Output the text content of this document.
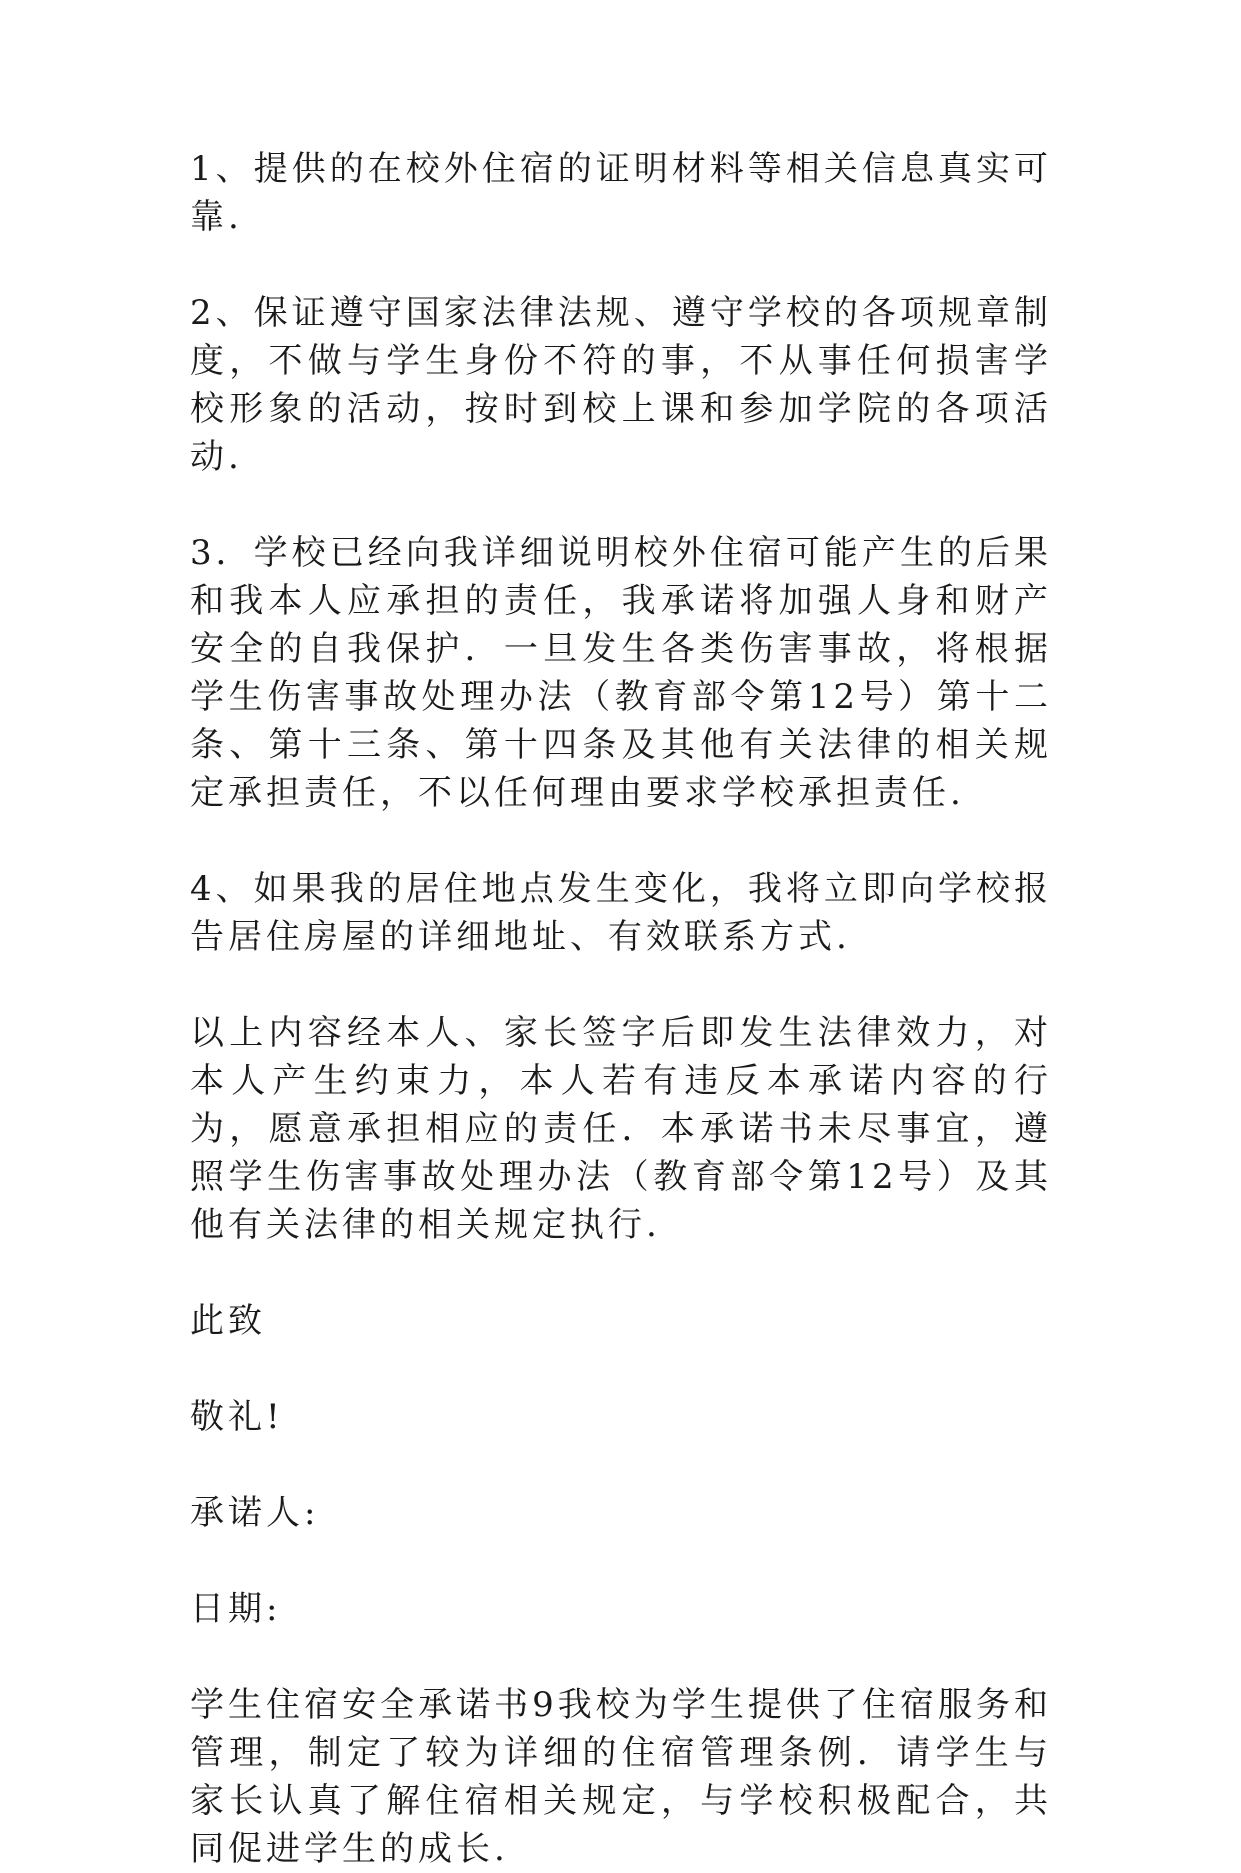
1、提供的在校外住宿的证明材料等相关信息真实可靠.

2、保证遵守国家法律法规、遵守学校的各项规章制度，不做与学生身份不符的事，不从事任何损害学校形象的活动，按时到校上课和参加学院的各项活动.

3．学校已经向我详细说明校外住宿可能产生的后果和我本人应承担的责任，我承诺将加强人身和财产安全的自我保护．一旦发生各类伤害事故，将根据学生伤害事故处理办法（教育部令第12号）第十二条、第十三条、第十四条及其他有关法律的相关规定承担责任，不以任何理由要求学校承担责任.

4、如果我的居住地点发生变化，我将立即向学校报告居住房屋的详细地址、有效联系方式.

以上内容经本人、家长签字后即发生法律效力，对本人产生约束力，本人若有违反本承诺内容的行为，愿意承担相应的责任．本承诺书未尽事宜，遵照学生伤害事故处理办法（教育部令第12号）及其他有关法律的相关规定执行.

此致

敬礼!

承诺人:

日期:

学生住宿安全承诺书9我校为学生提供了住宿服务和管理，制定了较为详细的住宿管理条例．请学生与家长认真了解住宿相关规定，与学校积极配合，共同促进学生的成长.
